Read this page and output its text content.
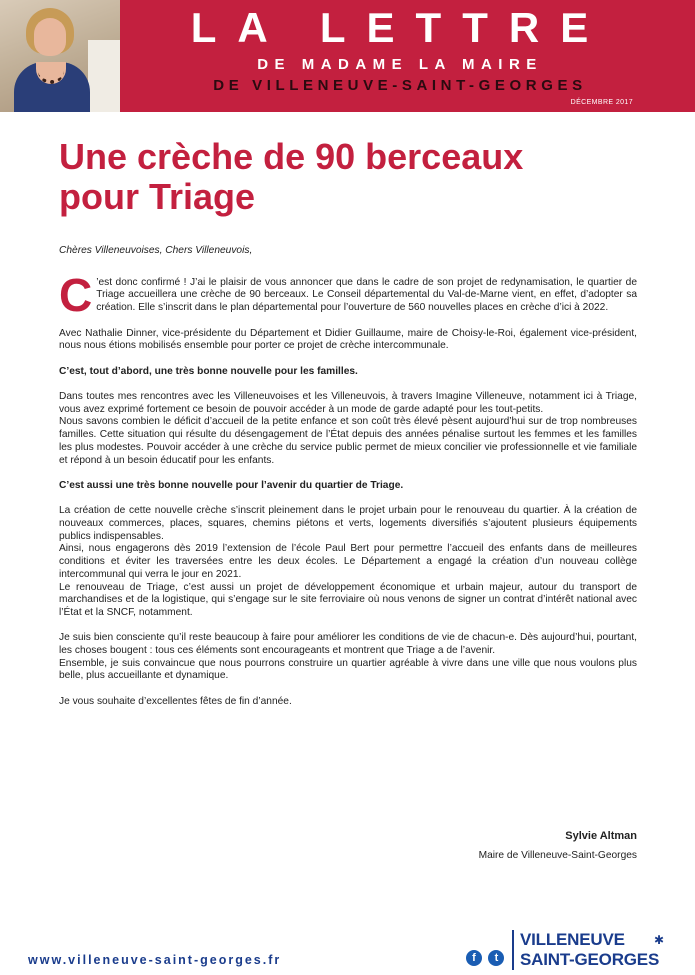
LA LETTRE

DE MADAME LA MAIRE

DE VILLENEUVE-SAINT-GEORGES

DÉCEMBRE 2017

Une crèche de 90 berceaux
pour Triage

Chères Villeneuvoises, Chers Villeneuvois,

C ’est donc confirmé ! J’ai le plaisir de vous annoncer que dans le cadre de son projet de redynamisation, le quartier de Triage accueillera une crèche de 90 berceaux. Le Conseil départemental du Val-de-Marne vient, en effet, d’adopter sa création. Elle s’inscrit dans le plan départemental pour l’ouverture de 560 nouvelles places en crèche d’ici à 2022.

Avec Nathalie Dinner, vice-présidente du Département et Didier Guillaume, maire de Choisy-le-Roi, également vice-président, nous nous étions mobilisés ensemble pour porter ce projet de crèche intercommunale.

C’est, tout d’abord, une très bonne nouvelle pour les familles.

Dans toutes mes rencontres avec les Villeneuvoises et les Villeneuvois, à travers Imagine Villeneuve, notamment ici à Triage, vous avez exprimé fortement ce besoin de pouvoir accéder à un mode de garde adapté pour les tout-petits.
Nous savons combien le déficit d’accueil de la petite enfance et son coût très élevé pèsent aujourd’hui sur de trop nombreuses familles. Cette situation qui résulte du désengagement de l’État depuis des années pénalise surtout les femmes et les familles les plus modestes. Pouvoir accéder à une crèche du service public permet de mieux concilier vie professionnelle et vie familiale et répond à un besoin éducatif pour les enfants.

C’est aussi une très bonne nouvelle pour l’avenir du quartier de Triage.

La création de cette nouvelle crèche s’inscrit pleinement dans le projet urbain pour le renouveau du quartier. À la création de nouveaux commerces, places, squares, chemins piétons et verts, logements diversifiés s’ajoutent plusieurs équipements publics indispensables.
Ainsi, nous engagerons dès 2019 l’extension de l’école Paul Bert pour permettre l’accueil des enfants dans de meilleures conditions et éviter les traversées entre les deux écoles. Le Département a engagé la création d’un nouveau collège intercommunal qui verra le jour en 2021.
Le renouveau de Triage, c’est aussi un projet de développement économique et urbain majeur, autour du transport de marchandises et de la logistique, qui s’engage sur le site ferroviaire où nous venons de signer un contrat d’intérêt national avec l’État et la SNCF, notamment.

Je suis bien consciente qu’il reste beaucoup à faire pour améliorer les conditions de vie de chacun-e. Dès aujourd’hui, pourtant, les choses bougent : tous ces éléments sont encourageants et montrent que Triage a de l’avenir.
Ensemble, je suis convaincue que nous pourrons construire un quartier agréable à vivre dans une ville que nous voulons plus belle, plus accueillante et dynamique.

Je vous souhaite d’excellentes fêtes de fin d’année.

Sylvie Altman
Maire de Villeneuve-Saint-Georges
www.villeneuve-saint-georges.fr	f t
VILLENEUVE
SAINT-GEORGES
✱
